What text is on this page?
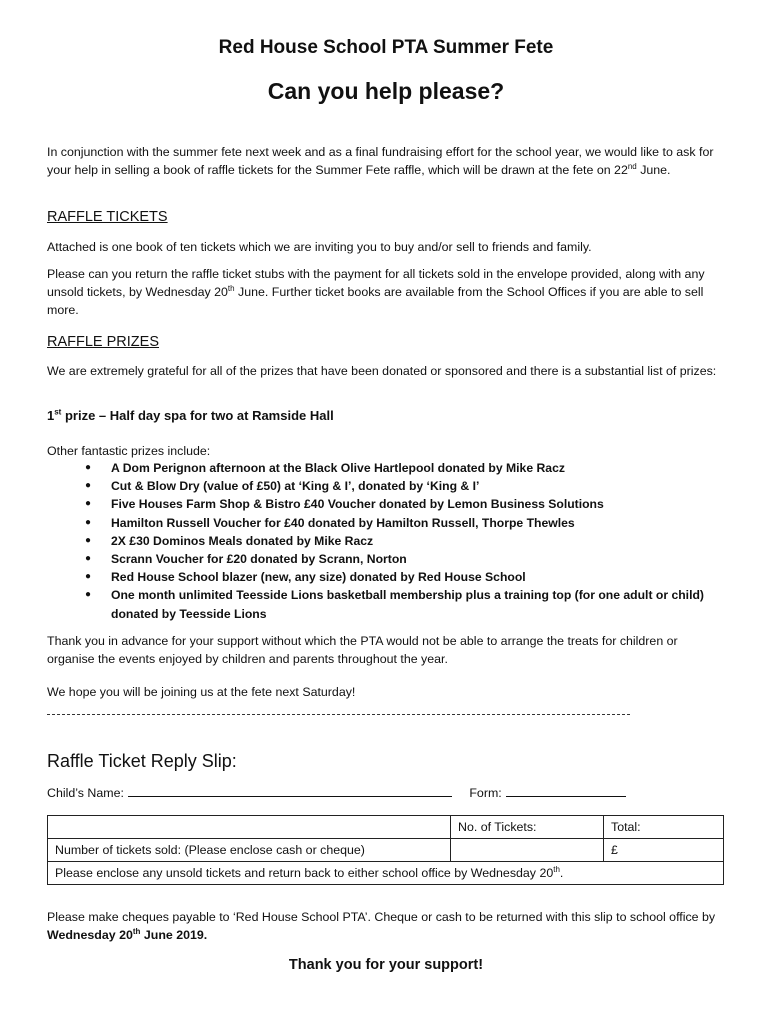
Red House School PTA Summer Fete
Can you help please?

In conjunction with the summer fete next week and as a final fundraising effort for the school year, we would like to ask for your help in selling a book of raffle tickets for the Summer Fete raffle, which will be drawn at the fete on 22nd June.

RAFFLE TICKETS

Attached is one book of ten tickets which we are inviting you to buy and/or sell to friends and family.

Please can you return the raffle ticket stubs with the payment for all tickets sold in the envelope provided, along with any unsold tickets, by Wednesday 20th June. Further ticket books are available from the School Offices if you are able to sell more.

RAFFLE PRIZES

We are extremely grateful for all of the prizes that have been donated or sponsored and there is a substantial list of prizes:

1st prize – Half day spa for two at Ramside Hall

Other fantastic prizes include:

● A Dom Perignon afternoon at the Black Olive Hartlepool donated by Mike Racz
● Cut & Blow Dry (value of £50) at ‘King & I’, donated by ‘King & I’
● Five Houses Farm Shop & Bistro £40 Voucher donated by Lemon Business Solutions
● Hamilton Russell Voucher for £40 donated by Hamilton Russell, Thorpe Thewles
● 2X £30 Dominos Meals donated by Mike Racz
● Scrann Voucher for £20 donated by Scrann, Norton
● Red House School blazer (new, any size) donated by Red House School
● One month unlimited Teesside Lions basketball membership plus a training top (for one adult or child) donated by Teesside Lions

Thank you in advance for your support without which the PTA would not be able to arrange the treats for children or organise the events enjoyed by children and parents throughout the year.

We hope you will be joining us at the fete next Saturday!

Raffle Ticket Reply Slip:
Child’s Name:	Form:
	No. of Tickets:	Total:
Number of tickets sold: (Please enclose cash or cheque)		£
Please enclose any unsold tickets and return back to either school office by Wednesday 20th.		

Please make cheques payable to ‘Red House School PTA’. Cheque or cash to be returned with this slip to school office by Wednesday 20th June 2019.

Thank you for your support!
